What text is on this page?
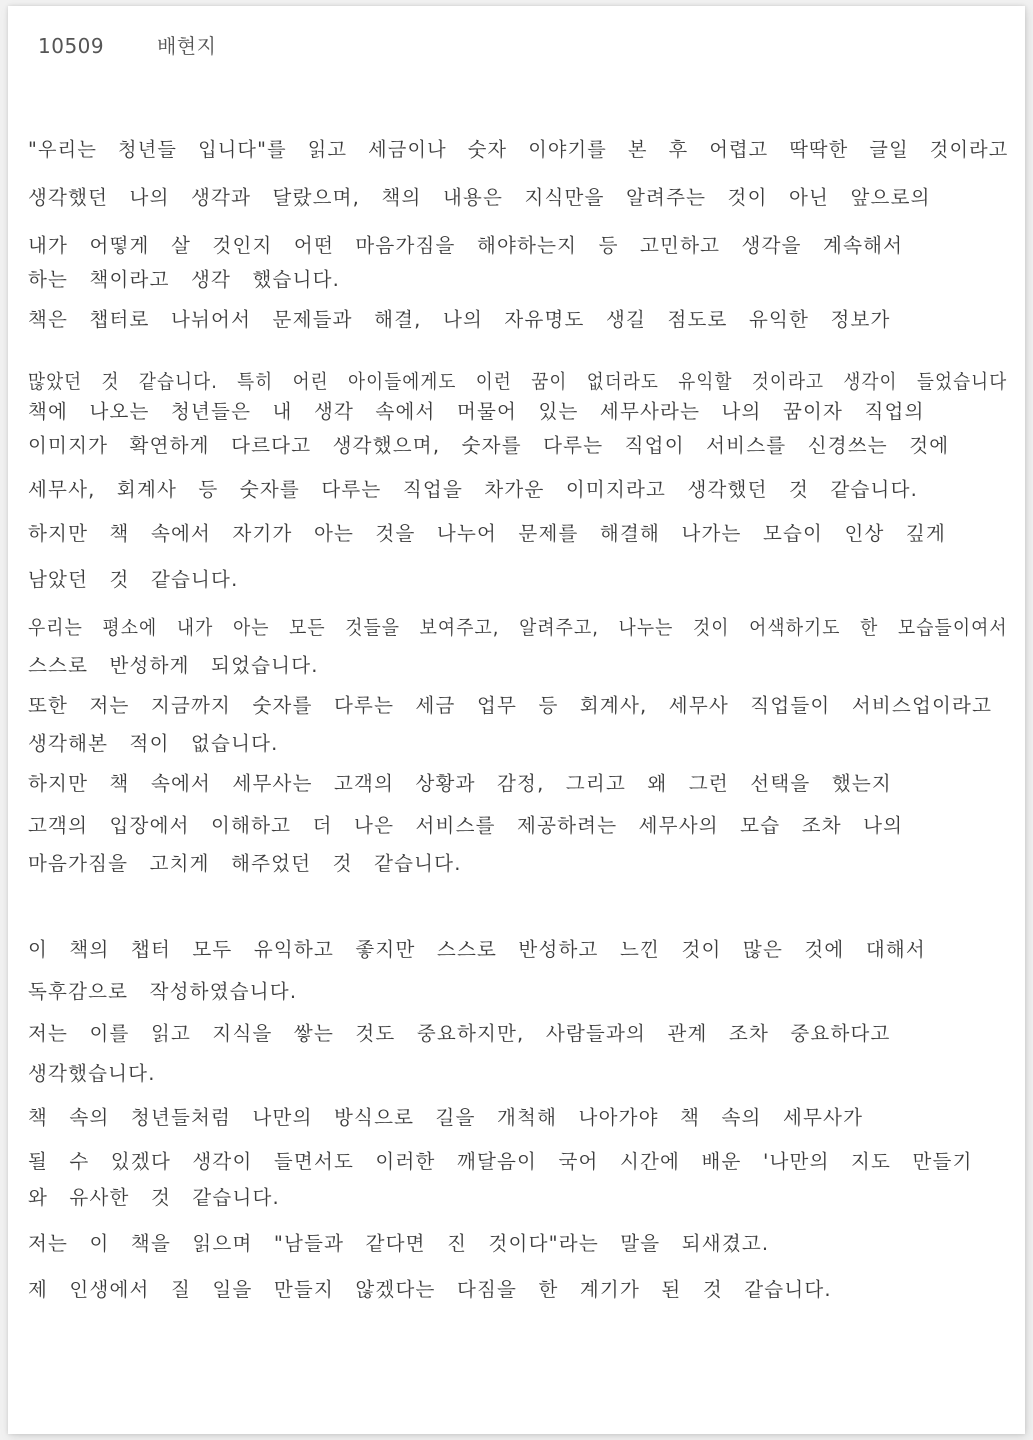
10509	배현지
"우리는 청년들 입니다"를 읽고 세금이나 숫자 이야기를 본 후 어렵고 딱딱한 글일 것이라고
생각했던 나의 생각과 달랐으며, 책의 내용은 지식만을 알려주는 것이 아닌 앞으로의
내가 어떻게 살 것인지 어떤 마음가짐을 해야하는지 등 고민하고 생각을 계속해서
하는 책이라고 생각 했습니다.
책은 챕터로 나뉘어서 문제들과 해결, 나의 자유명도 생길 점도로 유익한 정보가
많았던 것 같습니다. 특히 어린 아이들에게도 이런 꿈이 없더라도 유익할 것이라고 생각이 들었습니다
책에 나오는 청년들은 내 생각 속에서 머물어 있는 세무사라는 나의 꿈이자 직업의
이미지가 확연하게 다르다고 생각했으며, 숫자를 다루는 직업이 서비스를 신경쓰는 것에
세무사, 회계사 등 숫자를 다루는 직업을 차가운 이미지라고 생각했던 것 같습니다.
하지만 책 속에서 자기가 아는 것을 나누어 문제를 해결해 나가는 모습이 인상 깊게
남았던 것 같습니다.
우리는 평소에 내가 아는 모든 것들을 보여주고, 알려주고, 나누는 것이 어색하기도 한 모습들이여서
스스로 반성하게 되었습니다.
또한 저는 지금까지 숫자를 다루는 세금 업무 등 회계사, 세무사 직업들이 서비스업이라고
생각해본 적이 없습니다.
하지만 책 속에서 세무사는 고객의 상황과 감정, 그리고 왜 그런 선택을 했는지
고객의 입장에서 이해하고 더 나은 서비스를 제공하려는 세무사의 모습 조차 나의
마음가짐을 고치게 해주었던 것 같습니다.
이 책의 챕터 모두 유익하고 좋지만 스스로 반성하고 느낀 것이 많은 것에 대해서
독후감으로 작성하였습니다.
저는 이를 읽고 지식을 쌓는 것도 중요하지만, 사람들과의 관계 조차 중요하다고
생각했습니다.
책 속의 청년들처럼 나만의 방식으로 길을 개척해 나아가야 책 속의 세무사가
될 수 있겠다 생각이 들면서도 이러한 깨달음이 국어 시간에 배운 '나만의 지도 만들기
와 유사한 것 같습니다.
저는 이 책을 읽으며 "남들과 같다면 진 것이다"라는 말을 되새겼고.
제 인생에서 질 일을 만들지 않겠다는 다짐을 한 계기가 된 것 같습니다.
